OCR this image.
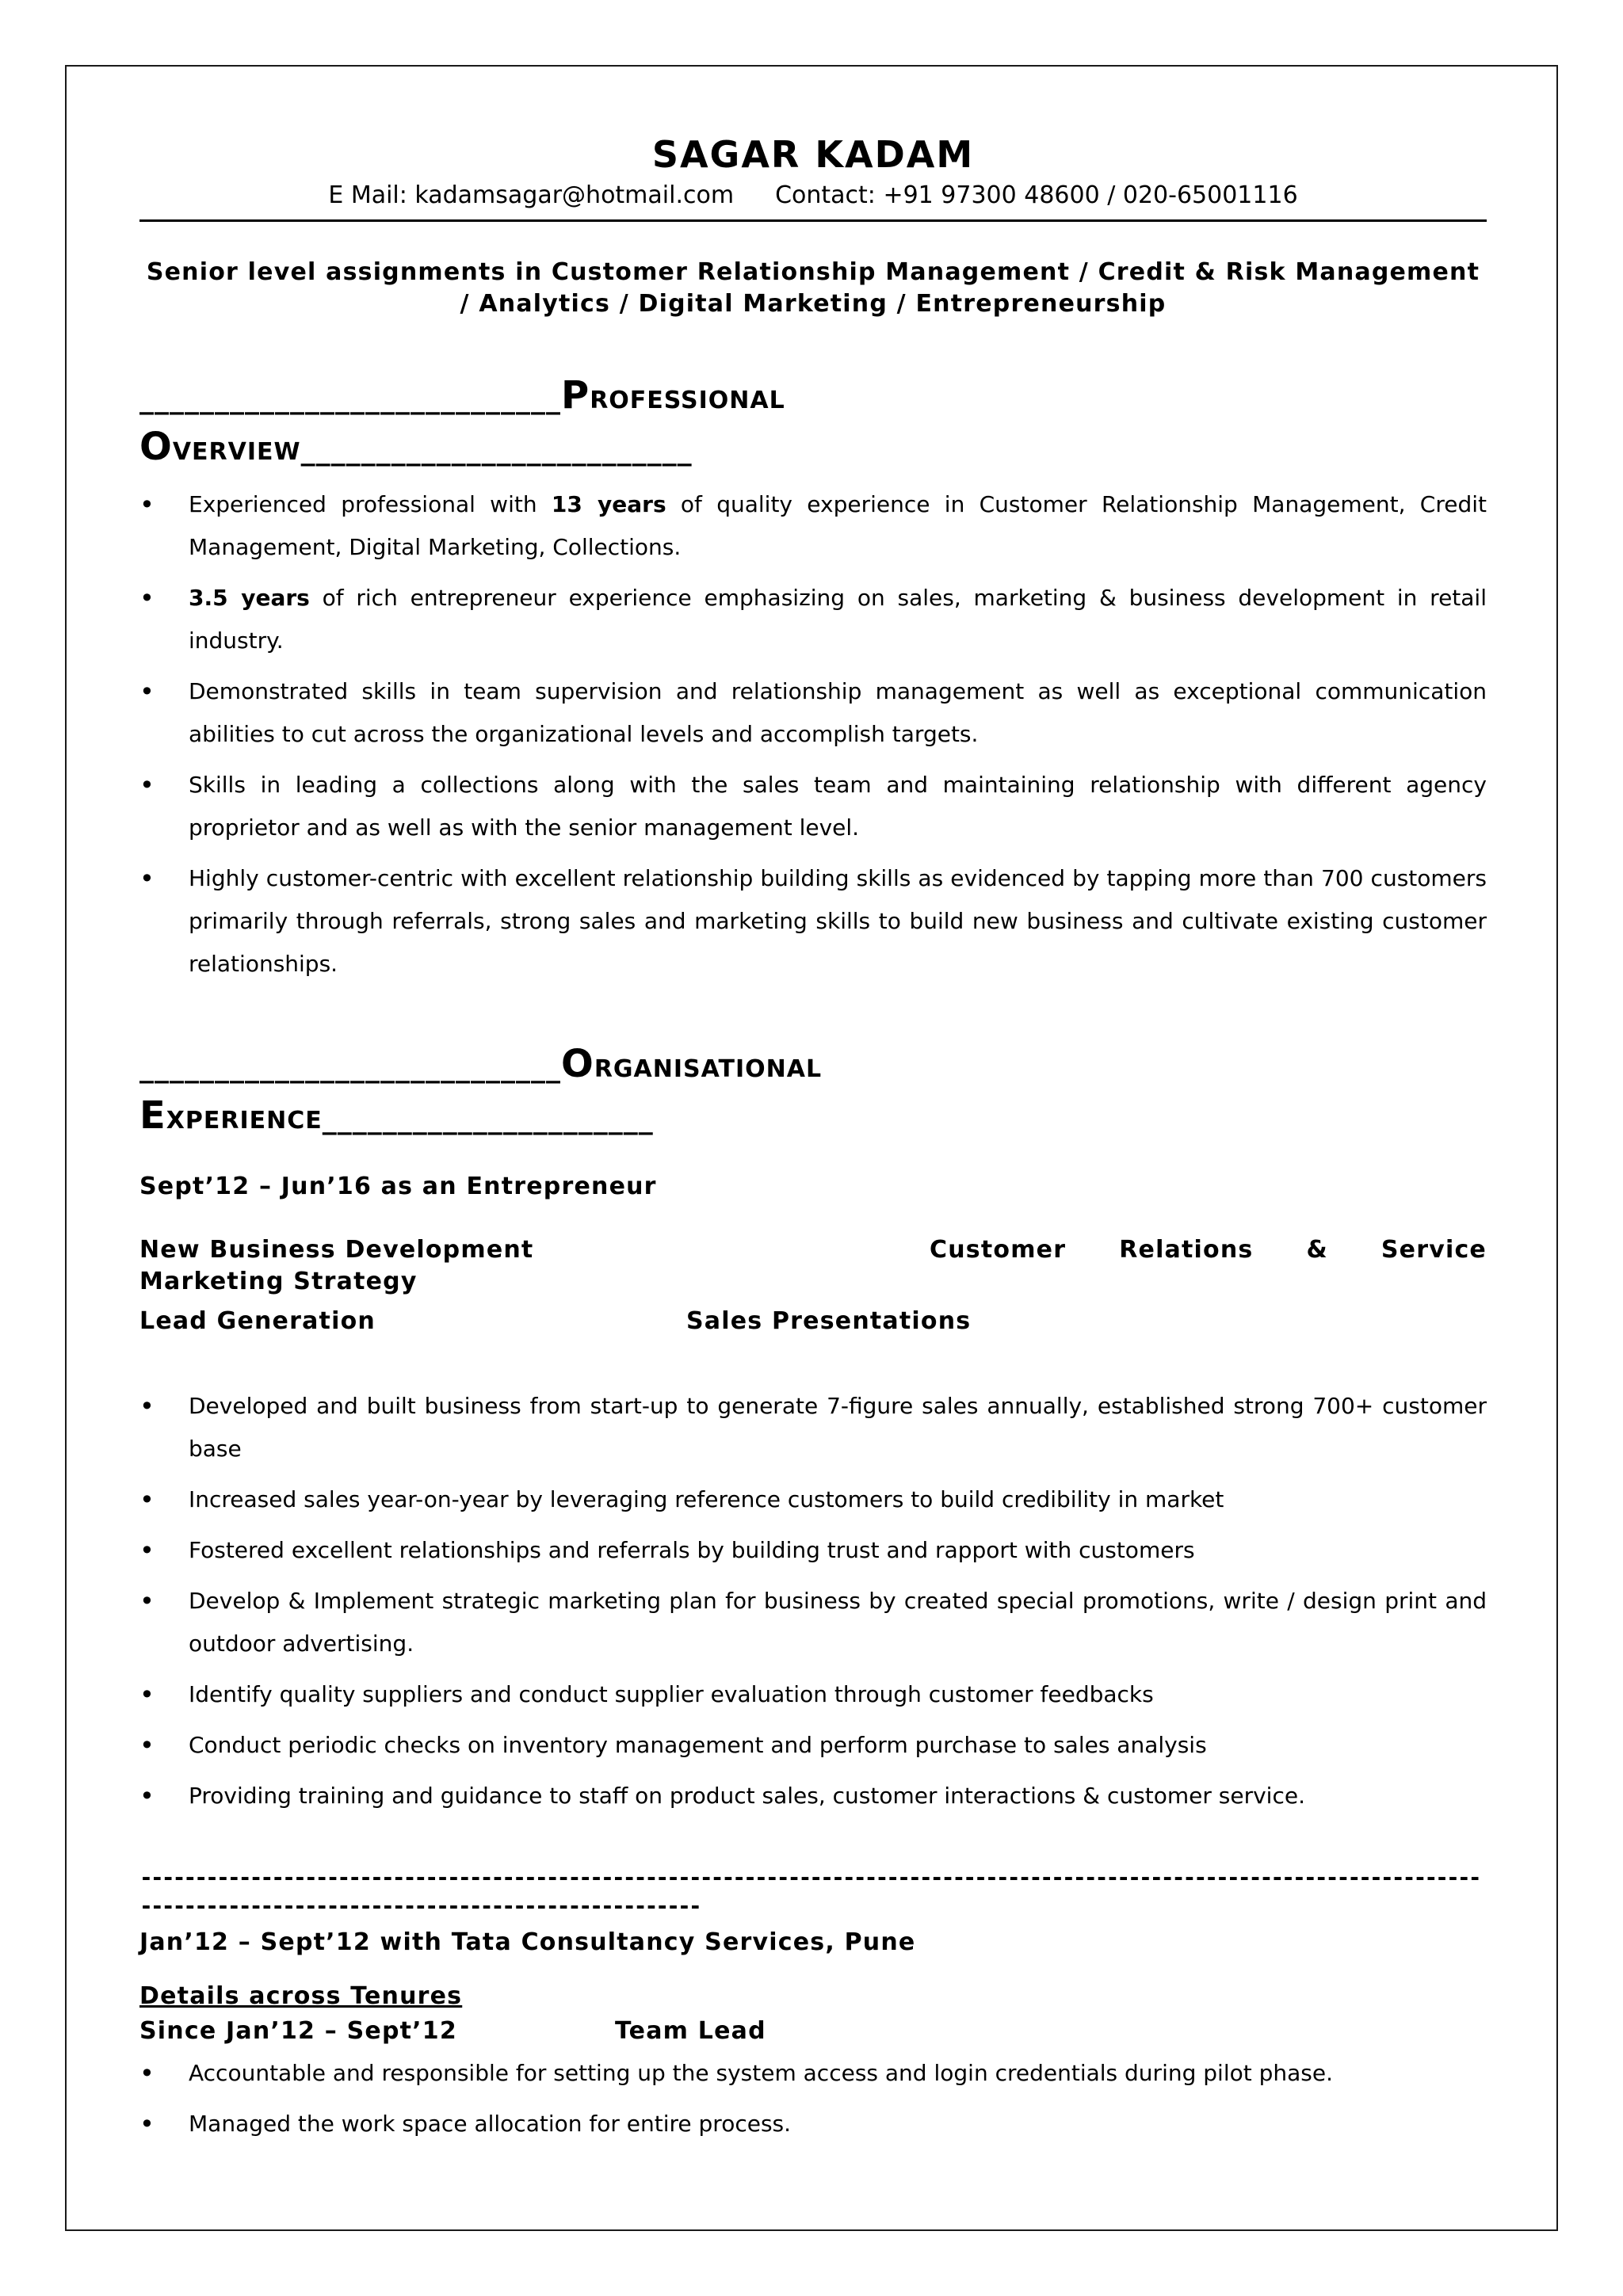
SAGAR KADAM
E Mail: kadamsagar@hotmail.com Contact: +91 97300 48600 / 020-65001116
Senior level assignments in Customer Relationship Management / Credit & Risk Management / Analytics / Digital Marketing / Entrepreneurship
____________________________PROFESSIONAL
OVERVIEW__________________________
• Experienced professional with 13 years of quality experience in Customer Relationship Management, Credit Management, Digital Marketing, Collections.
• 3.5 years of rich entrepreneur experience emphasizing on sales, marketing & business development in retail industry.
• Demonstrated skills in team supervision and relationship management as well as exceptional communication abilities to cut across the organizational levels and accomplish targets.
• Skills in leading a collections along with the sales team and maintaining relationship with different agency proprietor and as well as with the senior management level.
• Highly customer-centric with excellent relationship building skills as evidenced by tapping more than 700 customers primarily through referrals, strong sales and marketing skills to build new business and cultivate existing customer relationships.
____________________________ORGANISATIONAL
EXPERIENCE______________________
Sept’12 – Jun’16 as an Entrepreneur
New Business Development	Customer Relations & Service
Marketing Strategy
Lead Generation	Sales Presentations
• Developed and built business from start-up to generate 7-figure sales annually, established strong 700+ customer base
• Increased sales year-on-year by leveraging reference customers to build credibility in market
• Fostered excellent relationships and referrals by building trust and rapport with customers
• Develop & Implement strategic marketing plan for business by created special promotions, write / design print and outdoor advertising.
• Identify quality suppliers and conduct supplier evaluation through customer feedbacks
• Conduct periodic checks on inventory management and perform purchase to sales analysis
• Providing training and guidance to staff on product sales, customer interactions & customer service.
-----------------------------------------------------------------------------------------------------------------------------------------------------------------------------
Jan’12 – Sept’12 with Tata Consultancy Services, Pune
Details across Tenures
Since Jan’12 – Sept’12	Team Lead
• Accountable and responsible for setting up the system access and login credentials during pilot phase.
• Managed the work space allocation for entire process.
